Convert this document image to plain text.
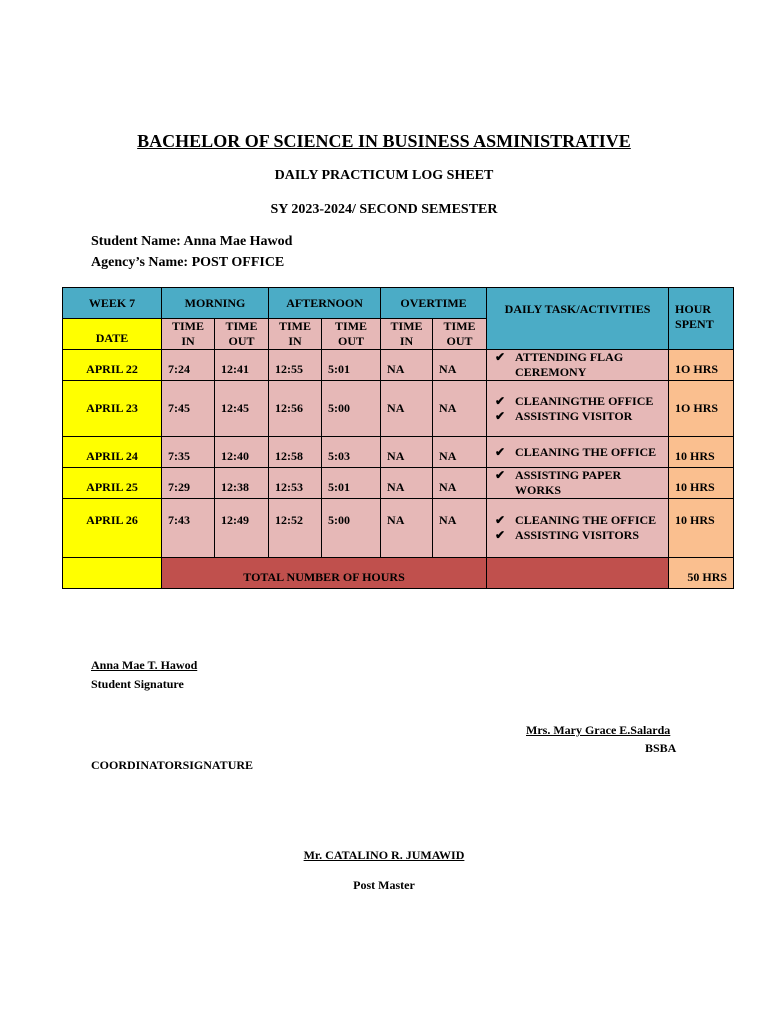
BACHELOR OF SCIENCE IN BUSINESS ASMINISTRATIVE
DAILY PRACTICUM LOG SHEET
SY 2023-2024/ SECOND SEMESTER
Student Name: Anna Mae Hawod
Agency’s Name: POST OFFICE
WEEK 7	MORNING		AFTERNOON		OVERTIME		DAILY TASK/ACTIVITIES	HOUR SPENT
DATE	TIME IN	TIME OUT	TIME IN	TIME OUT	TIME IN	TIME OUT		
APRIL 22	7:24	12:41	12:55	5:01	NA	NA	✔ ATTENDING FLAG CEREMONY	1O HRS
APRIL 23	7:45	12:45	12:56	5:00	NA	NA	✔ CLEANINGTHE OFFICE
✔ ASSISTING VISITOR	1O HRS
APRIL 24	7:35	12:40	12:58	5:03	NA	NA	✔ CLEANING THE OFFICE	10 HRS
APRIL 25	7:29	12:38	12:53	5:01	NA	NA	✔ ASSISTING PAPER WORKS	10 HRS
APRIL 26	7:43	12:49	12:52	5:00	NA	NA	✔ CLEANING THE OFFICE
✔ ASSISTING VISITORS	10 HRS
	TOTAL NUMBER OF HOURS							50 HRS
Anna Mae T. Hawod
Student Signature
Mrs. Mary Grace E.Salarda
BSBA
COORDINATORSIGNATURE
Mr. CATALINO R. JUMAWID
Post Master
